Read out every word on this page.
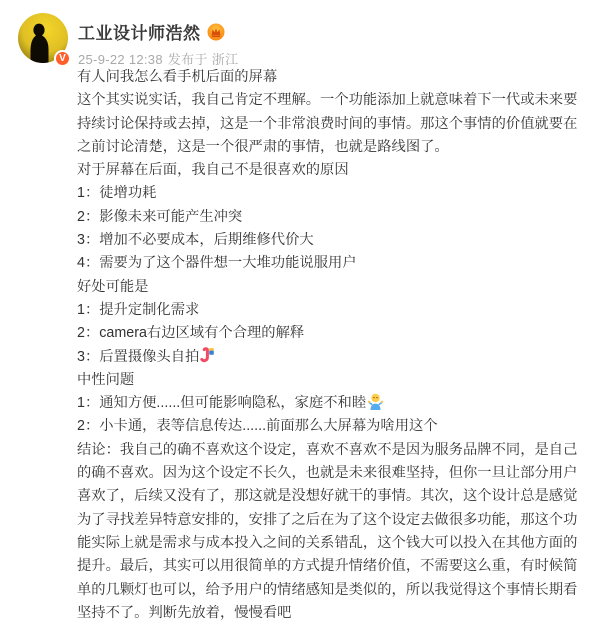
V
工业设计师浩然
25-9-22 12:38 发布于 浙江
有人问我怎么看手机后面的屏幕
这个其实说实话，我自己肯定不理解。一个功能添加上就意味着下一代或未来要持续讨论保持或去掉，这是一个非常浪费时间的事情。那这个事情的价值就要在之前讨论清楚，这是一个很严肃的事情，也就是路线图了。
对于屏幕在后面，我自己不是很喜欢的原因
1：徒增功耗
2：影像未来可能产生冲突
3：增加不必要成本，后期维修代价大
4：需要为了这个器件想一大堆功能说服用户
好处可能是
1：提升定制化需求
2：camera右边区域有个合理的解释
3：后置摄像头自拍
中性问题
1：通知方便......但可能影响隐私，家庭不和睦
2：小卡通，表等信息传达......前面那么大屏幕为啥用这个
结论：我自己的确不喜欢这个设定，喜欢不喜欢不是因为服务品牌不同，是自己的确不喜欢。因为这个设定不长久，也就是未来很难坚持，但你一旦让部分用户喜欢了，后续又没有了，那这就是没想好就干的事情。其次，这个设计总是感觉为了寻找差异特意安排的，安排了之后在为了这个设定去做很多功能，那这个功能实际上就是需求与成本投入之间的关系错乱，这个钱大可以投入在其他方面的提升。最后，其实可以用很简单的方式提升情绪价值，不需要这么重，有时候简单的几颗灯也可以，给予用户的情绪感知是类似的，所以我觉得这个事情长期看坚持不了。判断先放着，慢慢看吧
